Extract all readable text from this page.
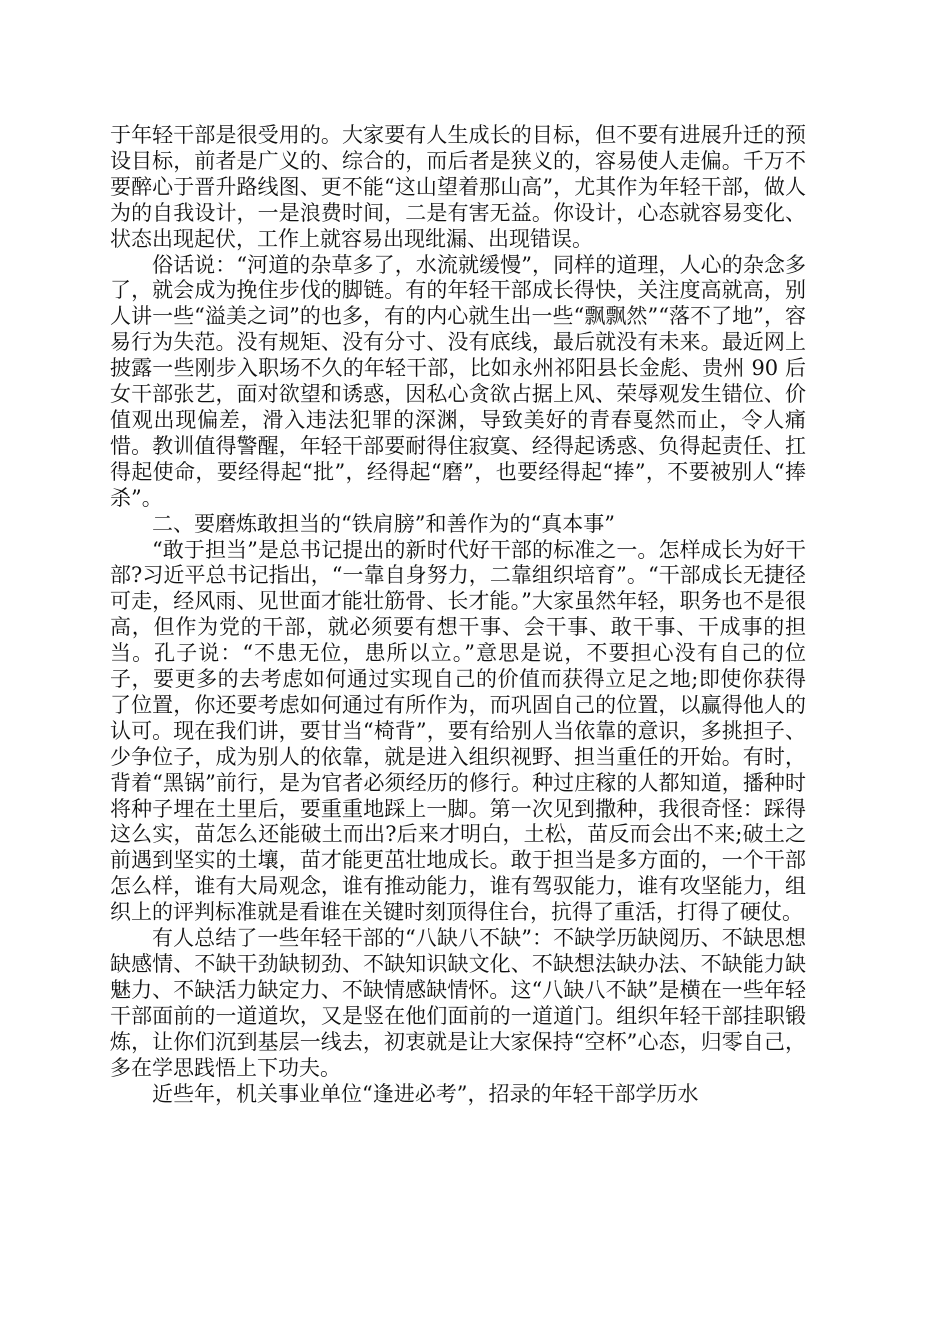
于年轻干部是很受用的。大家要有人生成长的目标，但不要有进展升迁的预设目标，前者是广义的、综合的，而后者是狭义的，容易使人走偏。千万不要醉心于晋升路线图、更不能“这山望着那山高”，尤其作为年轻干部，做人为的自我设计，一是浪费时间，二是有害无益。你设计，心态就容易变化、状态出现起伏，工作上就容易出现纰漏、出现错误。

俗话说：“河道的杂草多了，水流就缓慢”，同样的道理，人心的杂念多了，就会成为挽住步伐的脚链。有的年轻干部成长得快，关注度高就高，别人讲一些“溢美之词”的也多，有的内心就生出一些“飘飘然”“落不了地”，容易行为失范。没有规矩、没有分寸、没有底线，最后就没有未来。最近网上披露一些刚步入职场不久的年轻干部，比如永州祁阳县长金彪、贵州 90 后女干部张艺，面对欲望和诱惑，因私心贪欲占据上风、荣辱观发生错位、价值观出现偏差，滑入违法犯罪的深渊，导致美好的青春戛然而止，令人痛惜。教训值得警醒，年轻干部要耐得住寂寞、经得起诱惑、负得起责任、扛得起使命，要经得起“批”，经得起“磨”，也要经得起“捧”，不要被别人“捧杀”。

二、要磨炼敢担当的“铁肩膀”和善作为的“真本事”

“敢于担当”是总书记提出的新时代好干部的标准之一。怎样成长为好干部?习近平总书记指出，“一靠自身努力，二靠组织培育”。“干部成长无捷径可走，经风雨、见世面才能壮筋骨、长才能。”大家虽然年轻，职务也不是很高，但作为党的干部，就必须要有想干事、会干事、敢干事、干成事的担当。孔子说：“不患无位，患所以立。”意思是说，不要担心没有自己的位子，要更多的去考虑如何通过实现自己的价值而获得立足之地;即使你获得了位置，你还要考虑如何通过有所作为，而巩固自己的位置，以赢得他人的认可。现在我们讲，要甘当“椅背”，要有给别人当依靠的意识，多挑担子、少争位子，成为别人的依靠，就是进入组织视野、担当重任的开始。有时，背着“黑锅”前行，是为官者必须经历的修行。种过庄稼的人都知道，播种时将种子埋在土里后，要重重地踩上一脚。第一次见到撒种，我很奇怪：踩得这么实，苗怎么还能破土而出?后来才明白，土松，苗反而会出不来;破土之前遇到坚实的土壤，苗才能更茁壮地成长。敢于担当是多方面的，一个干部怎么样，谁有大局观念，谁有推动能力，谁有驾驭能力，谁有攻坚能力，组织上的评判标准就是看谁在关键时刻顶得住台，抗得了重活，打得了硬仗。

有人总结了一些年轻干部的“八缺八不缺”：不缺学历缺阅历、不缺思想缺感情、不缺干劲缺韧劲、不缺知识缺文化、不缺想法缺办法、不缺能力缺魅力、不缺活力缺定力、不缺情感缺情怀。这“八缺八不缺”是横在一些年轻干部面前的一道道坎，又是竖在他们面前的一道道门。组织年轻干部挂职锻炼，让你们沉到基层一线去，初衷就是让大家保持“空杯”心态，归零自己，多在学思践悟上下功夫。

近些年，机关事业单位“逢进必考”，招录的年轻干部学历水
